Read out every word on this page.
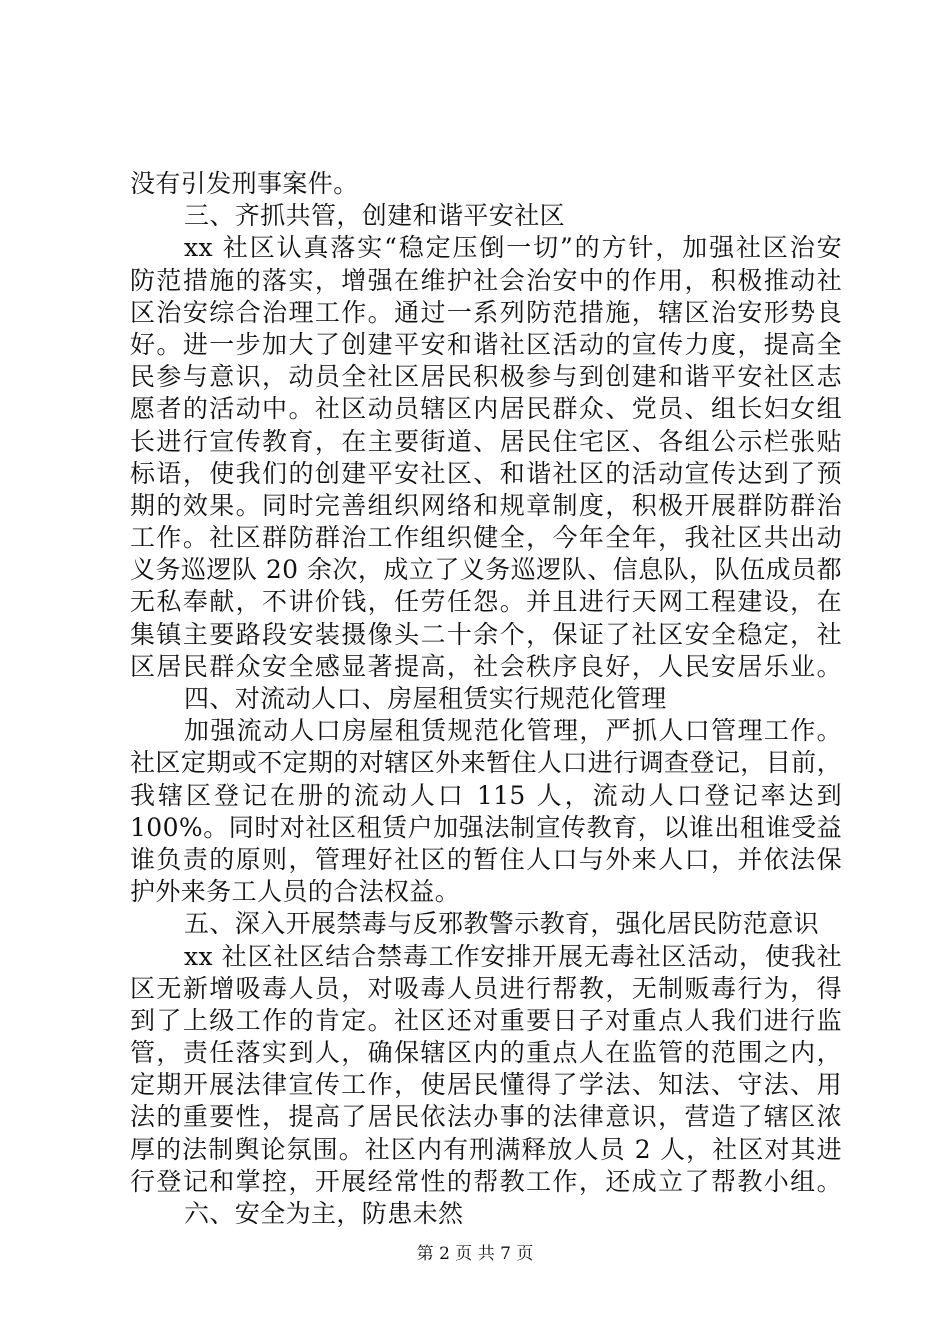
没有引发刑事案件。
三、齐抓共管，创建和谐平安社区
xx 社区认真落实“稳定压倒一切”的方针，加强社区治安
防范措施的落实，增强在维护社会治安中的作用，积极推动社
区治安综合治理工作。通过一系列防范措施，辖区治安形势良
好。进一步加大了创建平安和谐社区活动的宣传力度，提高全
民参与意识，动员全社区居民积极参与到创建和谐平安社区志
愿者的活动中。社区动员辖区内居民群众、党员、组长妇女组
长进行宣传教育，在主要街道、居民住宅区、各组公示栏张贴
标语，使我们的创建平安社区、和谐社区的活动宣传达到了预
期的效果。同时完善组织网络和规章制度，积极开展群防群治
工作。社区群防群治工作组织健全，今年全年，我社区共出动
义务巡逻队 20 余次，成立了义务巡逻队、信息队，队伍成员都
无私奉献，不讲价钱，任劳任怨。并且进行天网工程建设，在
集镇主要路段安装摄像头二十余个，保证了社区安全稳定，社
区居民群众安全感显著提高，社会秩序良好，人民安居乐业。
四、对流动人口、房屋租赁实行规范化管理
加强流动人口房屋租赁规范化管理，严抓人口管理工作。
社区定期或不定期的对辖区外来暂住人口进行调查登记，目前，
我辖区登记在册的流动人口 115 人，流动人口登记率达到
100%。同时对社区租赁户加强法制宣传教育，以谁出租谁受益
谁负责的原则，管理好社区的暂住人口与外来人口，并依法保
护外来务工人员的合法权益。
五、深入开展禁毒与反邪教警示教育，强化居民防范意识
xx 社区社区结合禁毒工作安排开展无毒社区活动，使我社
区无新增吸毒人员，对吸毒人员进行帮教，无制贩毒行为，得
到了上级工作的肯定。社区还对重要日子对重点人我们进行监
管，责任落实到人，确保辖区内的重点人在监管的范围之内，
定期开展法律宣传工作，使居民懂得了学法、知法、守法、用
法的重要性，提高了居民依法办事的法律意识，营造了辖区浓
厚的法制舆论氛围。社区内有刑满释放人员 2 人，社区对其进
行登记和掌控，开展经常性的帮教工作，还成立了帮教小组。
六、安全为主，防患未然
第 2 页 共 7 页
